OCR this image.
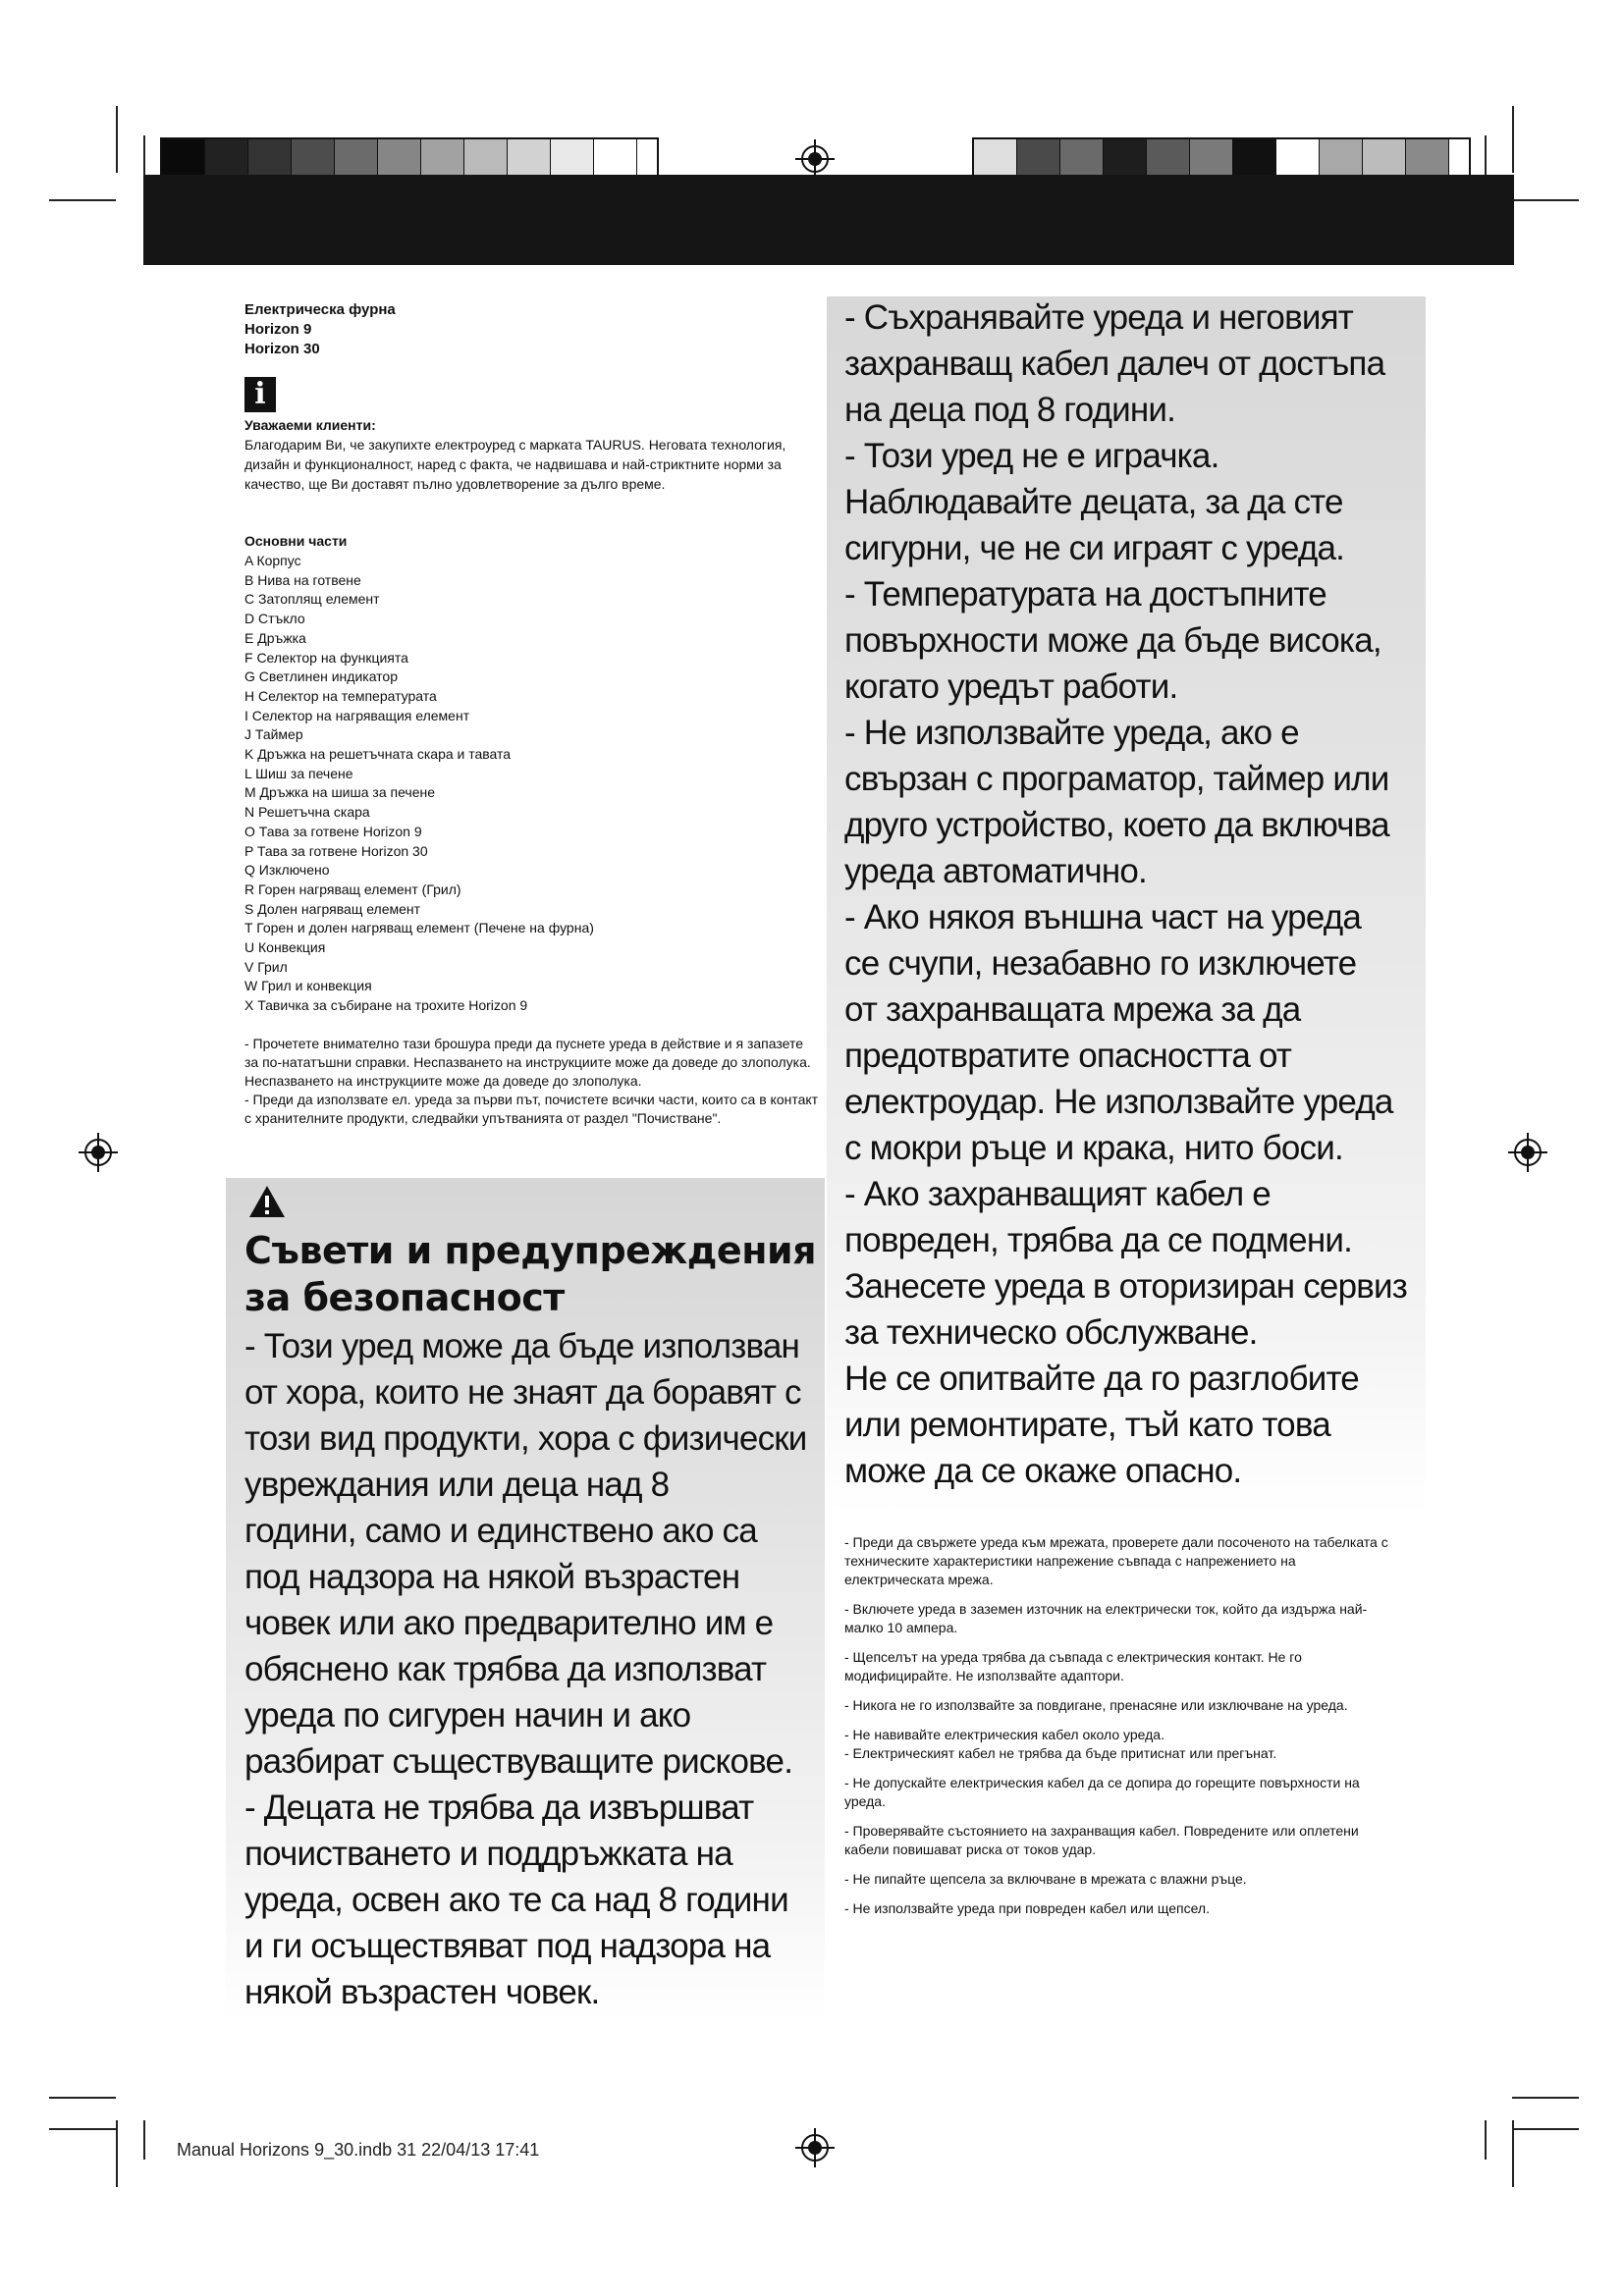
Електрическа фурна
Horizon 9
Horizon 30
i
Уважаеми клиенти:
Благодарим Ви, че закупихте електроуред с марката TAURUS. Неговата технология, дизайн и функционалност, наред с факта, че надвишава и най-стриктните норми за качество, ще Ви доставят пълно удовлетворение за дълго време.
Основни части
A Корпус
B Нива на готвене
C Затоплящ елемент
D Стъкло
E Дръжка
F Селектор на функцията
G Светлинен индикатор
H Селектор на температурата
I Селектор на нагряващия елемент
J Таймер
K Дръжка на решетъчната скара и тавата
L Шиш за печене
M Дръжка на шиша за печене
N Решетъчна скара
O Тава за готвене Horizon 9
P Тава за готвене Horizon 30
Q Изключено
R Горен нагряващ елемент (Грил)
S Долен нагряващ елемент
T Горен и долен нагряващ елемент (Печене на фурна)
U Конвекция
V Грил
W Грил и конвекция
X Тавичка за събиране на трохите Horizon 9

- Прочетете внимателно тази брошура преди да пуснете уреда в действие и я запазете за по-нататъшни справки. Неспазването на инструкциите може да доведе до злополука. Неспазването на инструкциите може да доведе до злополука.

- Преди да използвате ел. уреда за първи път, почистете всички части, които са в контакт с хранителните продукти, следвайки упътванията от раздел "Почистване".

Съвети и предупреждения
за безопасност
- Този уред може да бъде използван
от хора, които не знаят да боравят с
този вид продукти, хора с физически
увреждания или деца над 8
години, само и единствено ако са
под надзора на някой възрастен
човек или ако предварително им е
обяснено как трябва да използват
уреда по сигурен начин и ако
разбират съществуващите рискове.
- Децата не трябва да извършват
почистването и поддръжката на
уреда, освен ако те са над 8 години
и ги осъществяват под надзора на
някой възрастен човек.
- Съхранявайте уреда и неговият
захранващ кабел далеч от достъпа
на деца под 8 години.
- Този уред не е играчка.
Наблюдавайте децата, за да сте
сигурни, че не си играят с уреда.
- Температурата на достъпните
повърхности може да бъде висока,
когато уредът работи.
- Не използвайте уреда, ако е
свързан с програматор, таймер или
друго устройство, което да включва
уреда автоматично.
- Ако някоя външна част на уреда
се счупи, незабавно го изключете
от захранващата мрежа за да
предотвратите опасността от
електроудар. Не използвайте уреда
с мокри ръце и крака, нито боси.
- Ако захранващият кабел е
повреден, трябва да се подмени.
Занесете уреда в оторизиран сервиз
за техническо обслужване.
Не се опитвайте да го разглобите
или ремонтирате, тъй като това
може да се окаже опасно.

- Преди да свържете уреда към мрежата, проверете дали посоченото на табелката с техническите характеристики напрежение съвпада с напрежението на електрическата мрежа.

- Включете уреда в заземен източник на електрически ток, който да издържа най-малко 10 ампера.

- Щепселът на уреда трябва да съвпада с електрическия контакт. Не го модифицирайте. Не използвайте адаптори.

- Никога не го използвайте за повдигане, пренасяне или изключване на уреда.

- Не навивайте електрическия кабел около уреда.
- Електрическият кабел не трябва да бъде притиснат или прегънат.

- Не допускайте електрическия кабел да се допира до горещите повърхности на уреда.

- Проверявайте състоянието на захранващия кабел. Повредените или оплетени кабели повишават риска от токов удар.

- Не пипайте щепсела за включване в мрежата с влажни ръце.

- Не използвайте уреда при повреден кабел или щепсел.

Manual Horizons 9_30.indb 31 22/04/13 17:41
